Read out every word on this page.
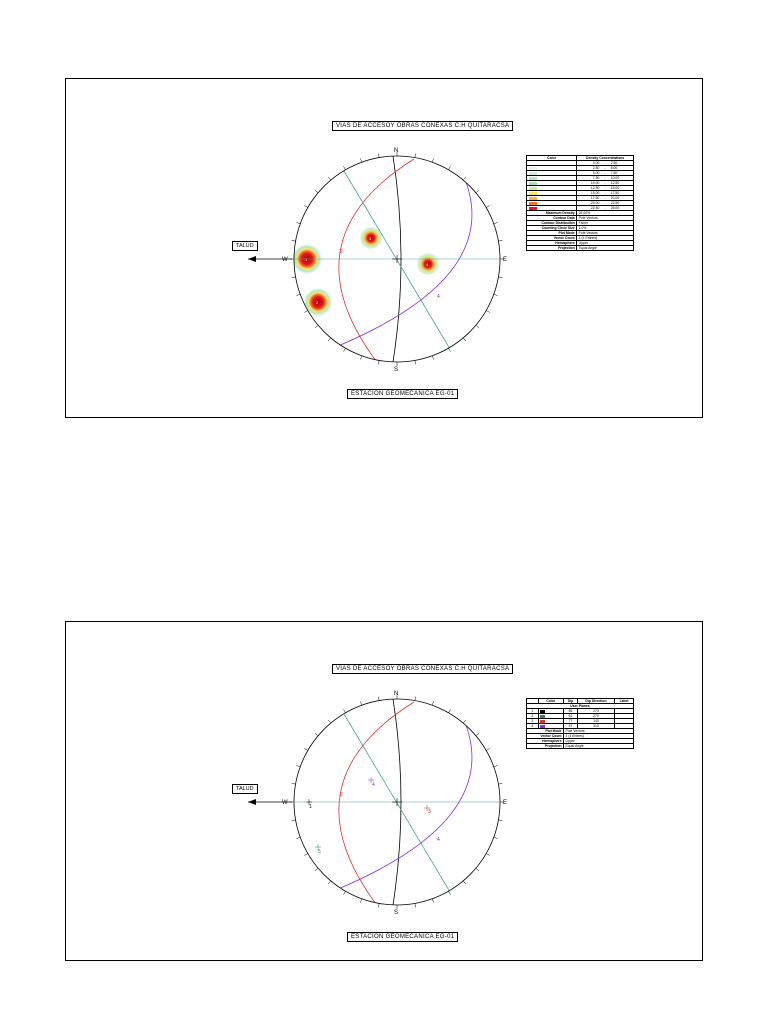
VIAS DE ACCESOY OBRAS CONEXAS C.H QUITARACSA
TALUD
ESTACION GEOMECANICA EG-01
N
S
E
W
2
4
1
2
3
4
Color	Density Concentrations		

	0.00	-	2.50

	2.50	-	5.00

	5.00	-	7.50

	7.50	-	10.00

	10.00	-	12.50

	12.50	-	15.00

	15.00	-	17.50

	17.50	-	20.00

	20.00	-	22.50

	22.50	-	25.00
Maximum Density	25.00%		
Contour Data	Pole Vectors		
Contour Distribution	Fisher		
Counting Circle Size	1.0%		
Plot Mode	Pole Vectors		
Vector Count	4 (4 Entries)		
Hemisphere	Upper		
Projection	Equal Angle		
VIAS DE ACCESOY OBRAS CONEXAS C.H QUITARACSA
TALUD
ESTACION GEOMECANICA EG-01
N
S
E
W
2
4
1
4
3
5
	Color	Dip	Dip Direction	Label
User Planes				
1		85	273	
2		61	270	
3		77	140	
4		57	310	
Plot Mode		Pole Vectors		
Vector Count		4 (4 Entries)		
Hemisphere		Upper		
Projection		Equal Angle		
